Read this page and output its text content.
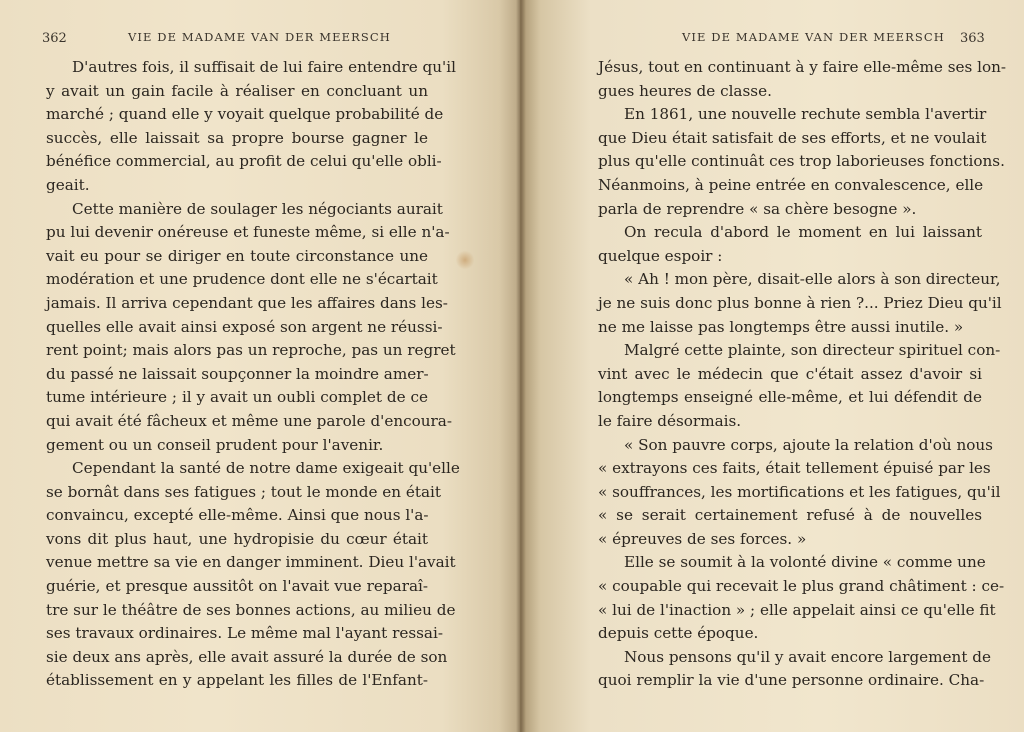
362	VIE DE MADAME VAN DER MEERSCH
D'autres fois, il suffisait de lui faire entendre qu'il
y avait un gain facile à réaliser en concluant un
marché ; quand elle y voyait quelque probabilité de
succès, elle laissait sa propre bourse gagner le
bénéfice commercial, au profit de celui qu'elle obli-
geait.
Cette manière de soulager les négociants aurait
pu lui devenir onéreuse et funeste même, si elle n'a-
vait eu pour se diriger en toute circonstance une
modération et une prudence dont elle ne s'écartait
jamais. Il arriva cependant que les affaires dans les-
quelles elle avait ainsi exposé son argent ne réussi-
rent point; mais alors pas un reproche, pas un regret
du passé ne laissait soupçonner la moindre amer-
tume intérieure ; il y avait un oubli complet de ce
qui avait été fâcheux et même une parole d'encoura-
gement ou un conseil prudent pour l'avenir.
Cependant la santé de notre dame exigeait qu'elle
se bornât dans ses fatigues ; tout le monde en était
convaincu, excepté elle-même. Ainsi que nous l'a-
vons dit plus haut, une hydropisie du cœur était
venue mettre sa vie en danger imminent. Dieu l'avait
guérie, et presque aussitôt on l'avait vue reparaî-
tre sur le théâtre de ses bonnes actions, au milieu de
ses travaux ordinaires. Le même mal l'ayant ressai-
sie deux ans après, elle avait assuré la durée de son
établissement en y appelant les filles de l'Enfant-
VIE DE MADAME VAN DER MEERSCH 363
Jésus, tout en continuant à y faire elle-même ses lon-
gues heures de classe.
En 1861, une nouvelle rechute sembla l'avertir
que Dieu était satisfait de ses efforts, et ne voulait
plus qu'elle continuât ces trop laborieuses fonctions.
Néanmoins, à peine entrée en convalescence, elle
parla de reprendre « sa chère besogne ».
On recula d'abord le moment en lui laissant
quelque espoir :
« Ah ! mon père, disait-elle alors à son directeur,
je ne suis donc plus bonne à rien ?... Priez Dieu qu'il
ne me laisse pas longtemps être aussi inutile. »
Malgré cette plainte, son directeur spirituel con-
vint avec le médecin que c'était assez d'avoir si
longtemps enseigné elle-même, et lui défendit de
le faire désormais.
« Son pauvre corps, ajoute la relation d'où nous
« extrayons ces faits, était tellement épuisé par les
« souffrances, les mortifications et les fatigues, qu'il
« se serait certainement refusé à de nouvelles
« épreuves de ses forces. »
Elle se soumit à la volonté divine « comme une
« coupable qui recevait le plus grand châtiment : ce-
« lui de l'inaction » ; elle appelait ainsi ce qu'elle fit
depuis cette époque.
Nous pensons qu'il y avait encore largement de
quoi remplir la vie d'une personne ordinaire. Cha-
